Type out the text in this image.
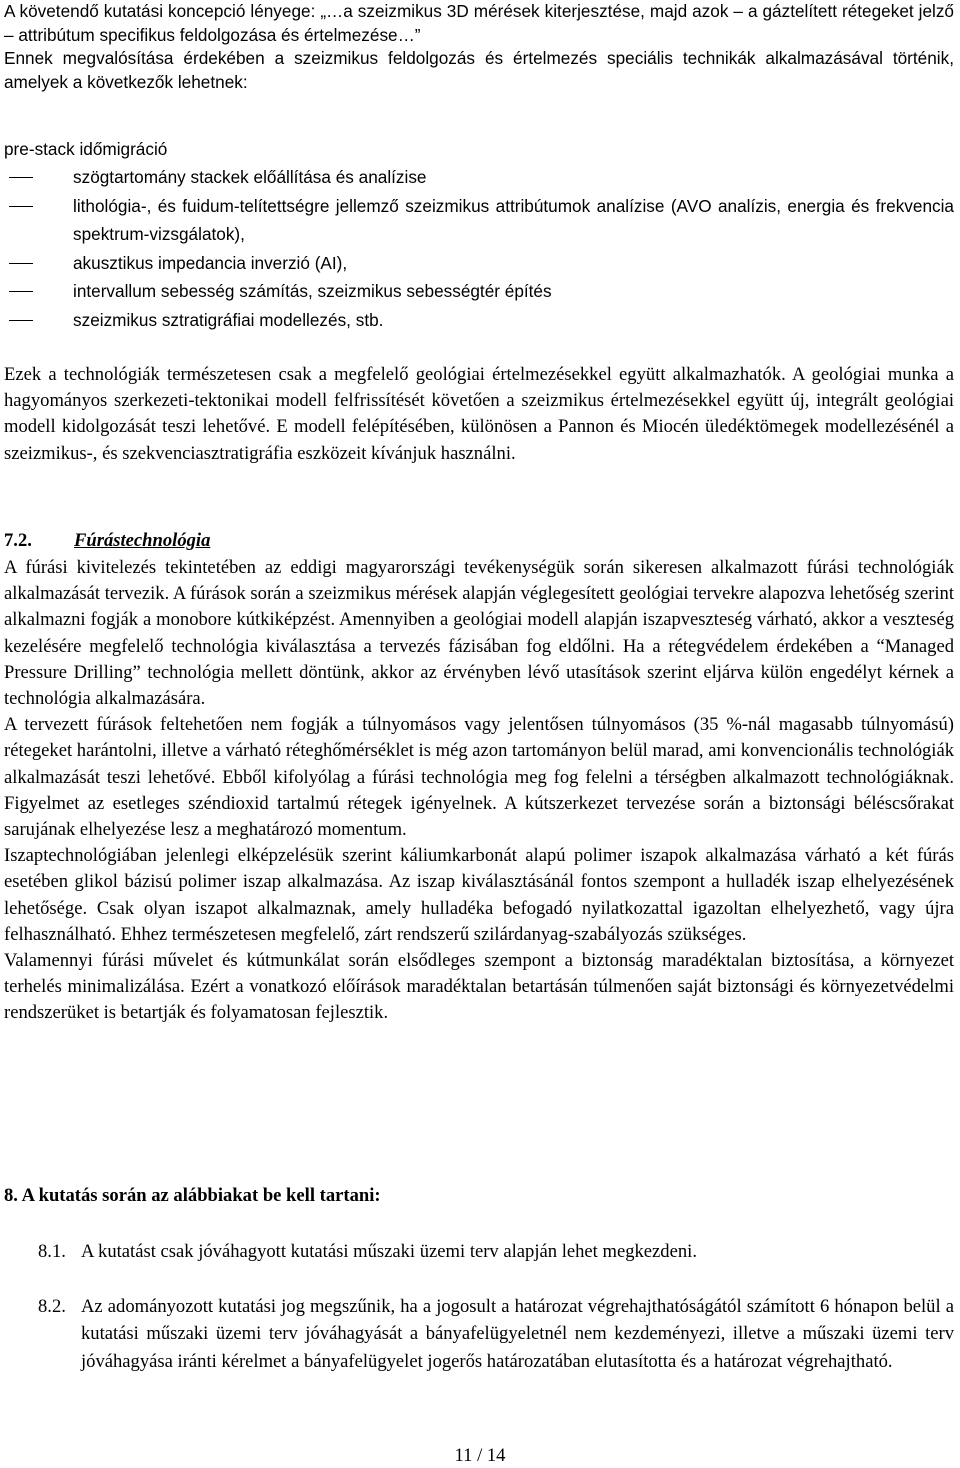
A követendő kutatási koncepció lényege: „…a szeizmikus 3D mérések kiterjesztése, majd azok – a gáztelített rétegeket jelző – attribútum specifikus feldolgozása és értelmezése…”

Ennek megvalósítása érdekében a szeizmikus feldolgozás és értelmezés speciális technikák alkalmazásával történik, amelyek a következők lehetnek:

pre-stack időmigráció

szögtartomány stackek előállítása és analízise
lithológia-, és fuidum-telítettségre jellemző szeizmikus attribútumok analízise (AVO analízis, energia és frekvencia spektrum-vizsgálatok),
akusztikus impedancia inverzió (AI),
intervallum sebesség számítás, szeizmikus sebességtér építés
szeizmikus sztratigráfiai modellezés, stb.

Ezek a technológiák természetesen csak a megfelelő geológiai értelmezésekkel együtt alkalmazhatók. A geológiai munka a hagyományos szerkezeti-tektonikai modell felfrissítését követően a szeizmikus értelmezésekkel együtt új, integrált geológiai modell kidolgozását teszi lehetővé. E modell felépítésében, különösen a Pannon és Miocén üledéktömegek modellezésénél a szeizmikus-, és szekvenciasztratigráfia eszközeit kívánjuk használni.

7.2. Fúrástechnológia

A fúrási kivitelezés tekintetében az eddigi magyarországi tevékenységük során sikeresen alkalmazott fúrási technológiák alkalmazását tervezik. A fúrások során a szeizmikus mérések alapján véglegesített geológiai tervekre alapozva lehetőség szerint alkalmazni fogják a monobore kútkiképzést. Amennyiben a geológiai modell alapján iszapveszteség várható, akkor a veszteség kezelésére megfelelő technológia kiválasztása a tervezés fázisában fog eldőlni. Ha a rétegvédelem érdekében a “Managed Pressure Drilling” technológia mellett döntünk, akkor az érvényben lévő utasítások szerint eljárva külön engedélyt kérnek a technológia alkalmazására.

A tervezett fúrások feltehetően nem fogják a túlnyomásos vagy jelentősen túlnyomásos (35 %-nál magasabb túlnyomású) rétegeket harántolni, illetve a várható réteghőmérséklet is még azon tartományon belül marad, ami konvencionális technológiák alkalmazását teszi lehetővé. Ebből kifolyólag a fúrási technológia meg fog felelni a térségben alkalmazott technológiáknak. Figyelmet az esetleges széndioxid tartalmú rétegek igényelnek. A kútszerkezet tervezése során a biztonsági béléscsőrakat sarujának elhelyezése lesz a meghatározó momentum.

Iszaptechnológiában jelenlegi elképzelésük szerint káliumkarbonát alapú polimer iszapok alkalmazása várható a két fúrás esetében glikol bázisú polimer iszap alkalmazása. Az iszap kiválasztásánál fontos szempont a hulladék iszap elhelyezésének lehetősége. Csak olyan iszapot alkalmaznak, amely hulladéka befogadó nyilatkozattal igazoltan elhelyezhető, vagy újra felhasználható. Ehhez természetesen megfelelő, zárt rendszerű szilárdanyag-szabályozás szükséges.

Valamennyi fúrási művelet és kútmunkálat során elsődleges szempont a biztonság maradéktalan biztosítása, a környezet terhelés minimalizálása. Ezért a vonatkozó előírások maradéktalan betartásán túlmenően saját biztonsági és környezetvédelmi rendszerüket is betartják és folyamatosan fejlesztik.

8. A kutatás során az alábbiakat be kell tartani:

8.1. A kutatást csak jóváhagyott kutatási műszaki üzemi terv alapján lehet megkezdeni.
8.2. Az adományozott kutatási jog megszűnik, ha a jogosult a határozat végrehajthatóságától számított 6 hónapon belül a kutatási műszaki üzemi terv jóváhagyását a bányafelügyeletnél nem kezdeményezi, illetve a műszaki üzemi terv jóváhagyása iránti kérelmet a bányafelügyelet jogerős határozatában elutasította és a határozat végrehajtható.
11 / 14
